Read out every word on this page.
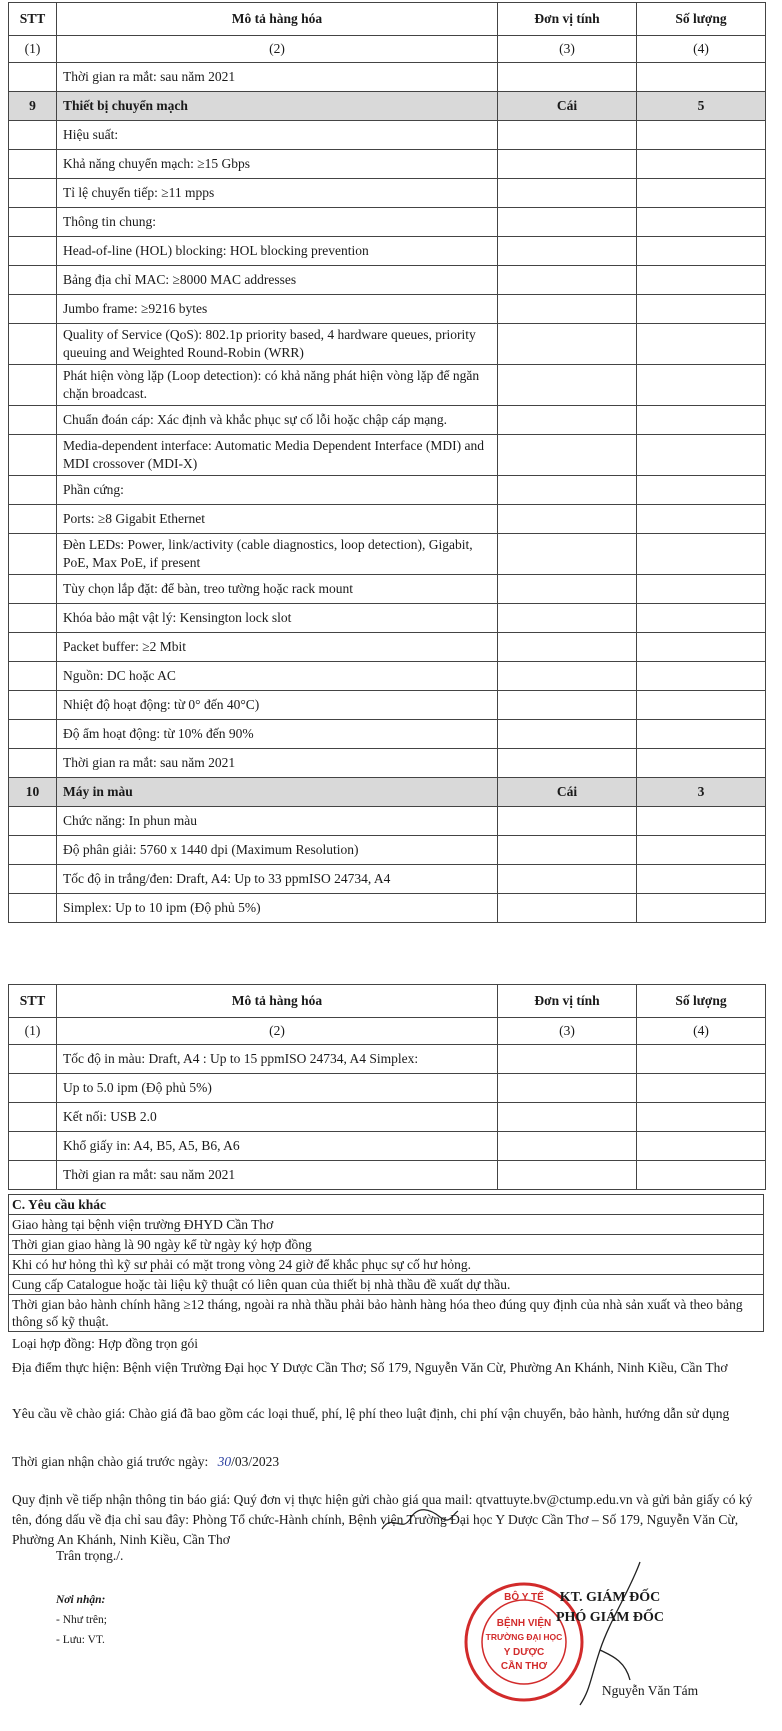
STT	Mô tả hàng hóa	Đơn vị tính	Số lượng
(1)	(2)	(3)	(4)
	Thời gian ra mắt: sau năm 2021		
9	Thiết bị chuyển mạch	Cái	5
	Hiệu suất:		
	Khả năng chuyển mạch: ≥15 Gbps		
	Tỉ lệ chuyển tiếp: ≥11 mpps		
	Thông tin chung:		
	Head-of-line (HOL) blocking: HOL blocking prevention		
	Bảng địa chỉ MAC: ≥8000 MAC addresses		
	Jumbo frame: ≥9216 bytes		
	Quality of Service (QoS): 802.1p priority based, 4 hardware queues, priority queuing and Weighted Round-Robin (WRR)		
	Phát hiện vòng lặp (Loop detection): có khả năng phát hiện vòng lặp để ngăn chặn broadcast.		
	Chuẩn đoán cáp: Xác định và khắc phục sự cố lỗi hoặc chập cáp mạng.		
	Media-dependent interface: Automatic Media Dependent Interface (MDI) and MDI crossover (MDI-X)		
	Phần cứng:		
	Ports: ≥8 Gigabit Ethernet		
	Đèn LEDs: Power, link/activity (cable diagnostics, loop detection), Gigabit, PoE, Max PoE, if present		
	Tùy chọn lắp đặt: để bàn, treo tường hoặc rack mount		
	Khóa bảo mật vật lý: Kensington lock slot		
	Packet buffer: ≥2 Mbit		
	Nguồn: DC hoặc AC		
	Nhiệt độ hoạt động: từ 0° đến 40°C)		
	Độ ẩm hoạt động: từ 10% đến 90%		
	Thời gian ra mắt: sau năm 2021		
10	Máy in màu	Cái	3
	Chức năng: In phun màu		
	Độ phân giải: 5760 x 1440 dpi (Maximum Resolution)		
	Tốc độ in trắng/đen: Draft, A4: Up to 33 ppmISO 24734, A4		
	Simplex: Up to 10 ipm (Độ phủ 5%)		
STT	Mô tả hàng hóa	Đơn vị tính	Số lượng
(1)	(2)	(3)	(4)
	Tốc độ in màu: Draft, A4 : Up to 15 ppmISO 24734, A4 Simplex:		
	Up to 5.0 ipm (Độ phủ 5%)		
	Kết nối: USB 2.0		
	Khổ giấy in: A4, B5, A5, B6, A6		
	Thời gian ra mắt: sau năm 2021		
C. Yêu cầu khác
Giao hàng tại bệnh viện trường ĐHYD Cần Thơ
Thời gian giao hàng là 90 ngày kể từ ngày ký hợp đồng
Khi có hư hỏng thì kỹ sư phải có mặt trong vòng 24 giờ để khắc phục sự cố hư hỏng.
Cung cấp Catalogue hoặc tài liệu kỹ thuật có liên quan của thiết bị nhà thầu đề xuất dự thầu.
Thời gian bảo hành chính hãng ≥12 tháng, ngoài ra nhà thầu phải bảo hành hàng hóa theo đúng quy định của nhà sản xuất và theo bảng thông số kỹ thuật.
Loại hợp đồng: Hợp đồng trọn gói
Địa điểm thực hiện: Bệnh viện Trường Đại học Y Dược Cần Thơ; Số 179, Nguyễn Văn Cừ, Phường An Khánh, Ninh Kiều, Cần Thơ
Yêu cầu về chào giá: Chào giá đã bao gồm các loại thuế, phí, lệ phí theo luật định, chi phí vận chuyển, bảo hành, hướng dẫn sử dụng
Thời gian nhận chào giá trước ngày: 30/03/2023
Quy định về tiếp nhận thông tin báo giá: Quý đơn vị thực hiện gửi chào giá qua mail: qtvattuyte.bv@ctump.edu.vn và gửi bản giấy có ký tên, đóng dấu về địa chỉ sau đây: Phòng Tổ chức-Hành chính, Bệnh viện Trường Đại học Y Dược Cần Thơ – Số 179, Nguyễn Văn Cừ, Phường An Khánh, Ninh Kiều, Cần Thơ
Trân trọng./.
Nơi nhận:
- Như trên;
- Lưu: VT.
BỘ Y TẾ
BỆNH VIỆN
TRƯỜNG ĐẠI HỌC
Y DƯỢC
CẦN THƠ
KT. GIÁM ĐỐC
PHÓ GIÁM ĐỐC
Nguyễn Văn Tám
